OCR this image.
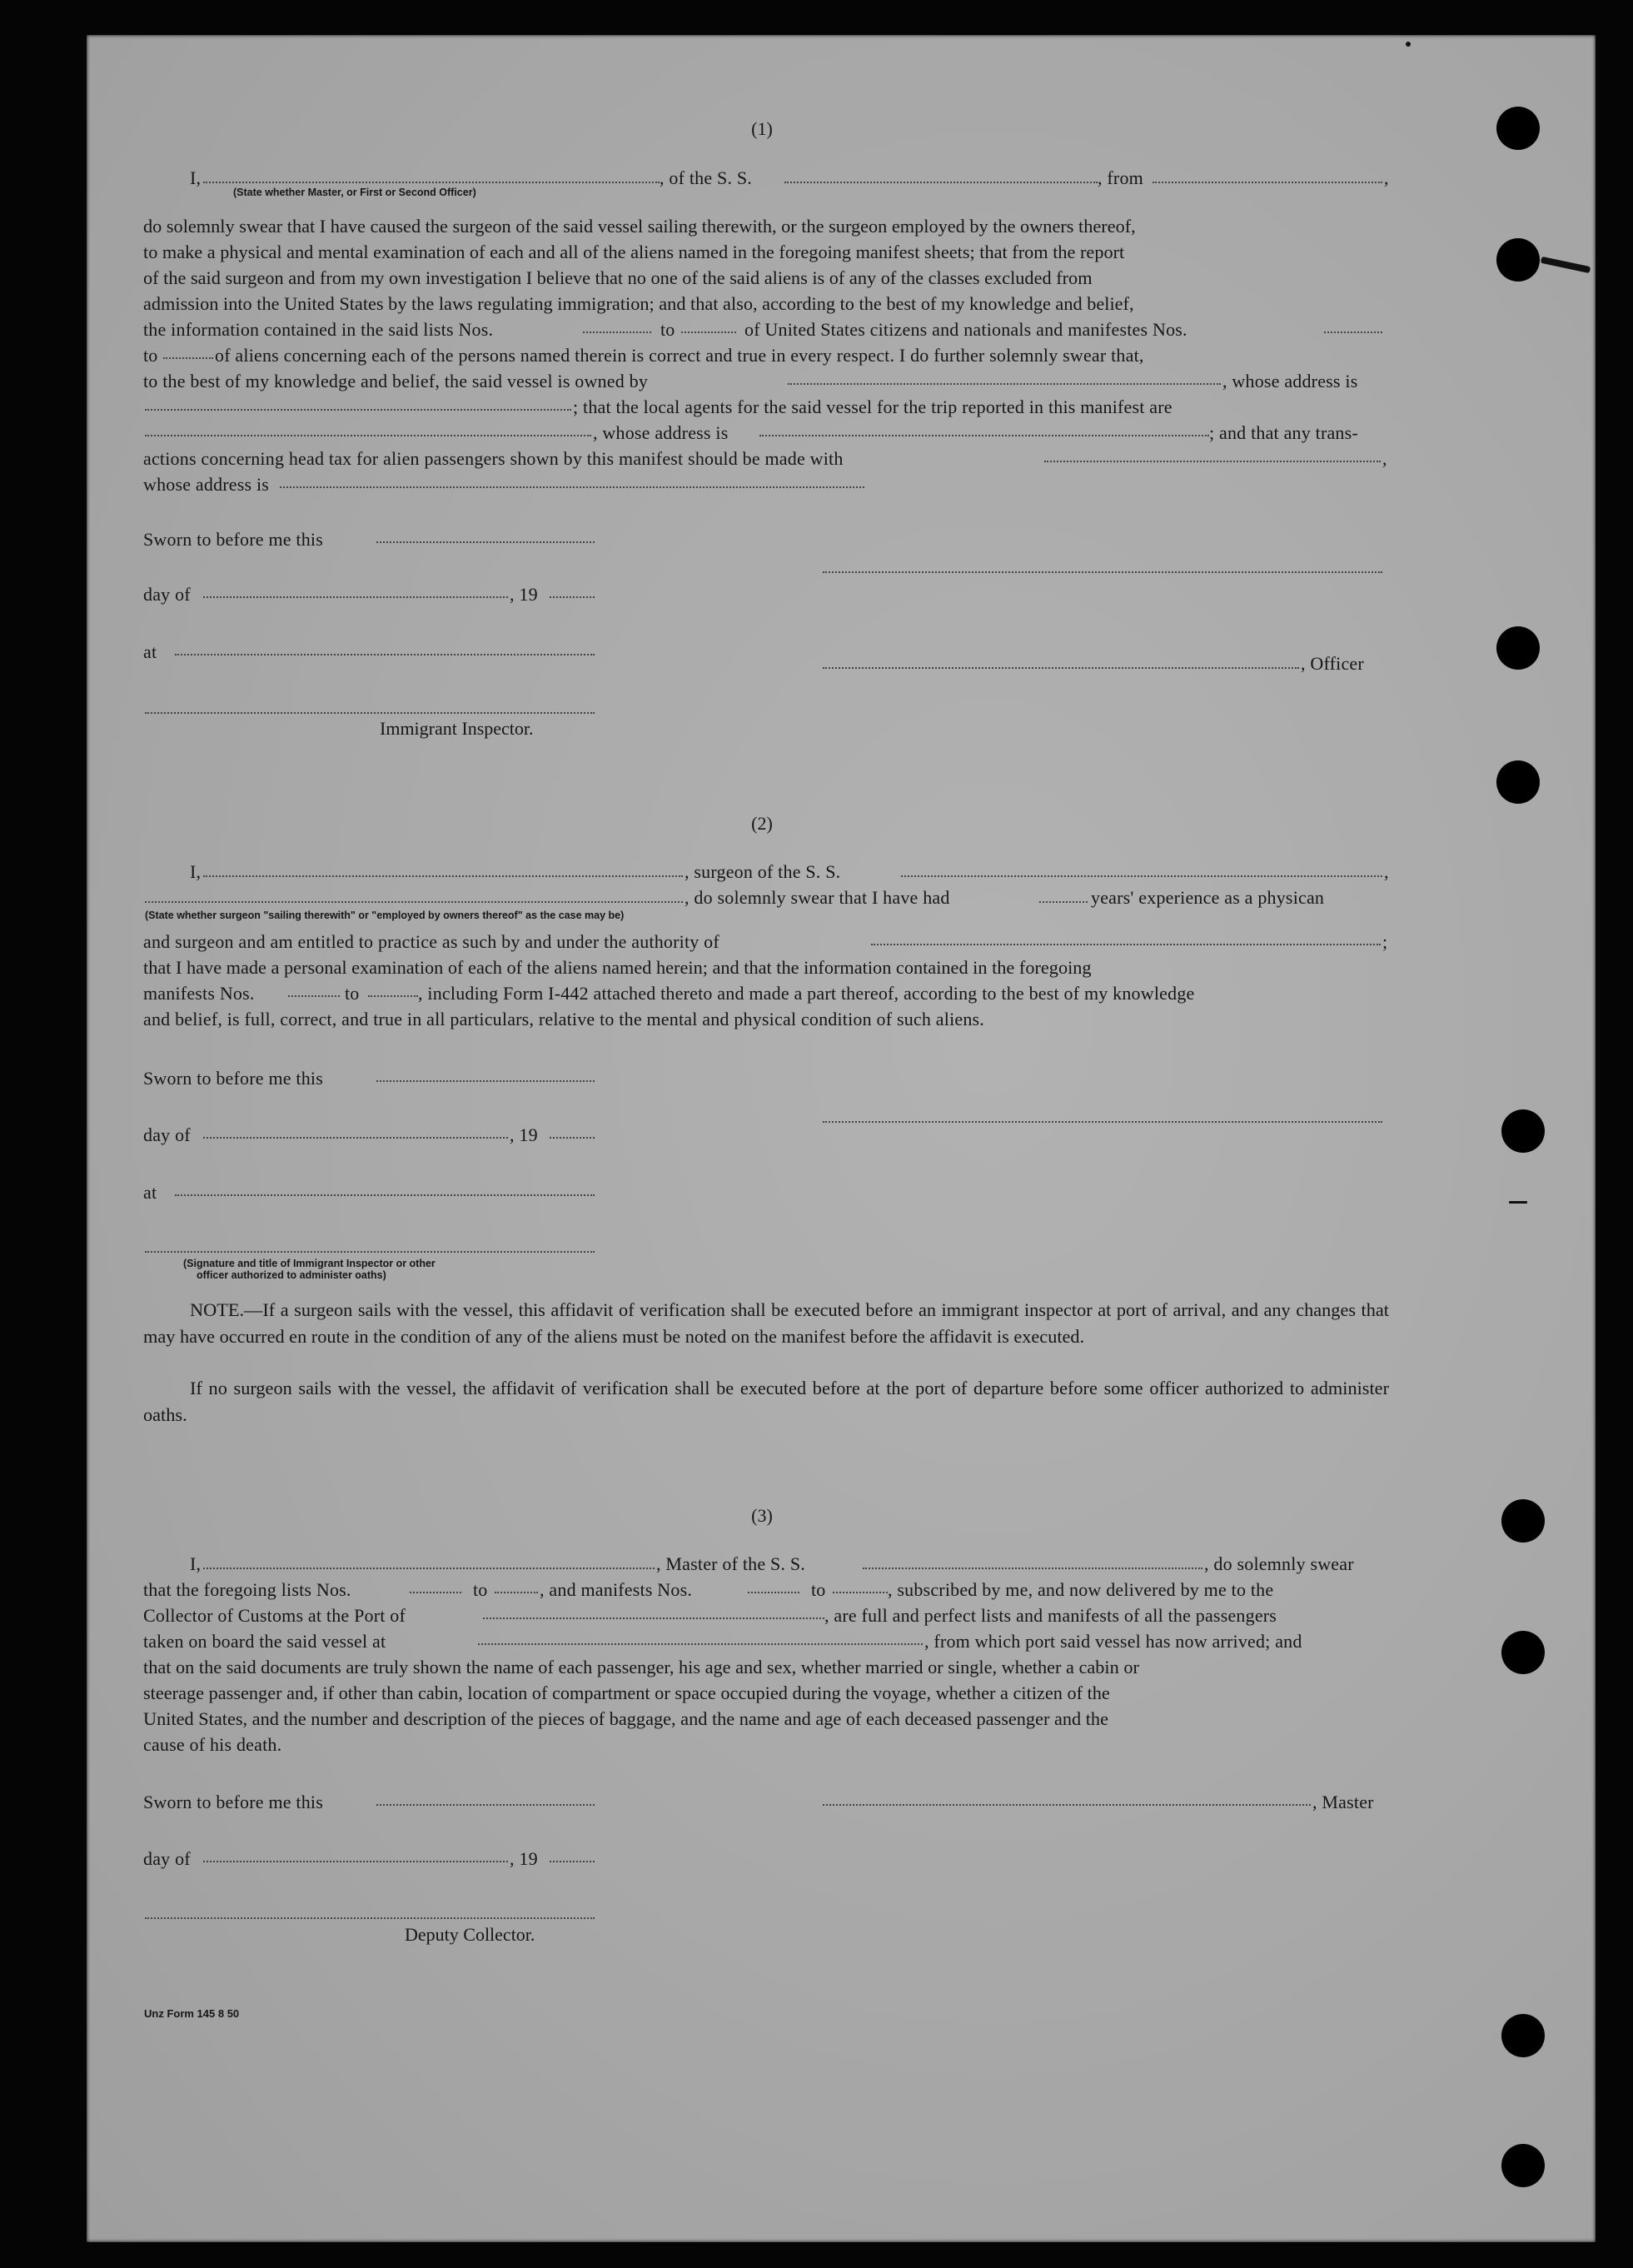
(1)
I,
(State whether Master, or First or Second Officer)
, of the S. S.	, from	,
do solemnly swear that I have caused the surgeon of the said vessel sailing therewith, or the surgeon employed by the owners thereof,
to make a physical and mental examination of each and all of the aliens named in the foregoing manifest sheets; that from the report
of the said surgeon and from my own investigation I believe that no one of the said aliens is of any of the classes excluded from
admission into the United States by the laws regulating immigration; and that also, according to the best of my knowledge and belief,
the information contained in the said lists Nos.	to	of United States citizens and nationals and manifestes Nos.
to	of aliens concerning each of the persons named therein is correct and true in every respect. I do further solemnly swear that,
to the best of my knowledge and belief, the said vessel is owned by	, whose address is
; that the local agents for the said vessel for the trip reported in this manifest are
, whose address is	; and that any trans-
actions concerning head tax for alien passengers shown by this manifest should be made with	,
whose address is
Sworn to before me this
day of	, 19
at
, Officer
Immigrant Inspector.
(2)
I,	, surgeon of the S. S.	,
, do solemnly swear that I have had	years' experience as a physican
(State whether surgeon "sailing therewith" or "employed by owners thereof" as the case may be)
and surgeon and am entitled to practice as such by and under the authority of	;
that I have made a personal examination of each of the aliens named herein; and that the information contained in the foregoing
manifests Nos.	to	, including Form I-442 attached thereto and made a part thereof, according to the best of my knowledge
and belief, is full, correct, and true in all particulars, relative to the mental and physical condition of such aliens.
Sworn to before me this
day of	, 19
at
(Signature and title of Immigrant Inspector or other
officer authorized to administer oaths)
NOTE.—If a surgeon sails with the vessel, this affidavit of verification shall be executed before an immigrant inspector at port of arrival, and any changes that may have occurred en route in the condition of any of the aliens must be noted on the manifest before the affidavit is executed.
If no surgeon sails with the vessel, the affidavit of verification shall be executed before at the port of departure before some officer authorized to administer oaths.
(3)
I,	, Master of the S. S.	, do solemnly swear
that the foregoing lists Nos.	to	, and manifests Nos.	to	, subscribed by me, and now delivered by me to the
Collector of Customs at the Port of	, are full and perfect lists and manifests of all the passengers
taken on board the said vessel at	, from which port said vessel has now arrived; and
that on the said documents are truly shown the name of each passenger, his age and sex, whether married or single, whether a cabin or
steerage passenger and, if other than cabin, location of compartment or space occupied during the voyage, whether a citizen of the
United States, and the number and description of the pieces of baggage, and the name and age of each deceased passenger and the
cause of his death.
Sworn to before me this	, Master
day of	, 19
Deputy Collector.
Unz Form 145 8 50
